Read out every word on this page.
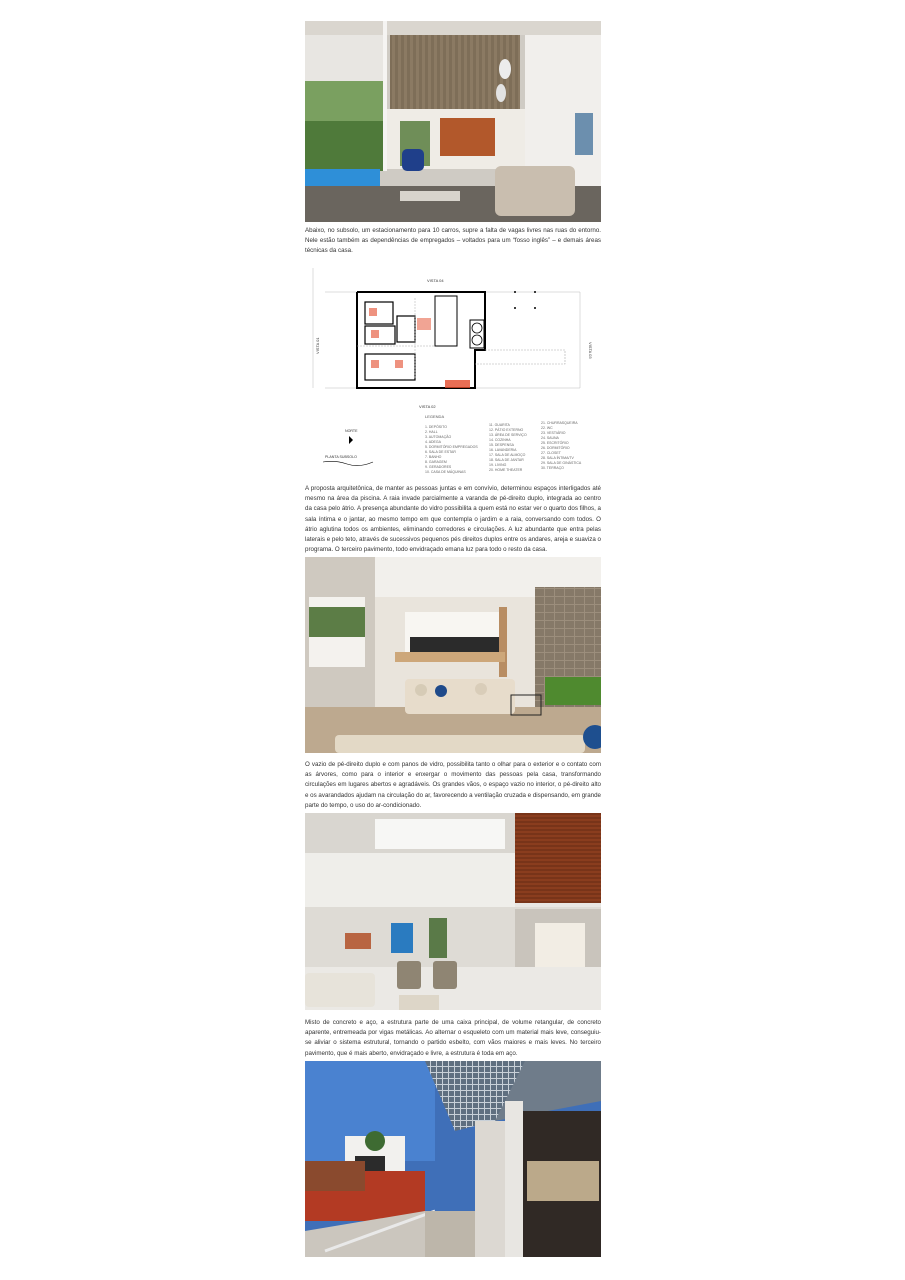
Abaixo, no subsolo, um estacionamento para 10 carros, supre a falta de vagas livres nas ruas do entorno. Nele estão também as dependências de empregados – voltados para um “fosso inglês” – e demais áreas técnicas da casa.

VISTA 04
VISTA 02
VISTA 01	VISTA 03
NORTE
PLANTA SUBSOLO
LEGENDA
1. DEPÓSITO
2. HALL
3. AUTOMAÇÃO
4. ADEGA
5. DORMITÓRIO EMPREGADOS
6. SALA DE ESTAR
7. BANHO
8. GARAGEM
9. GERADORES
10. CASA DE MÁQUINAS
11. GUARITA
12. PÁTIO EXTERNO
13. ÁREA DE SERVIÇO
14. COZINHA
15. DESPENSA
16. LAVANDERIA
17. SALA DE ALMOÇO
18. SALA DE JANTAR
19. LIVING
20. HOME THEATER
21. CHURRASQUEIRA
22. WC
23. VESTIÁRIO
24. SAUNA
25. ESCRITÓRIO
26. DORMITÓRIO
27. CLOSET
28. SALA ÍNTIMA/TV
29. SALA DE GINÁSTICA
30. TERRAÇO

A proposta arquitetônica, de manter as pessoas juntas e em convívio, determinou espaços interligados até mesmo na área da piscina. A raia invade parcialmente a varanda de pé-direito duplo, integrada ao centro da casa pelo átrio. A presença abundante do vidro possibilita a quem está no estar ver o quarto dos filhos, a sala íntima e o jantar, ao mesmo tempo em que contempla o jardim e a raia, conversando com todos. O átrio aglutina todos os ambientes, eliminando corredores e circulações. A luz abundante que entra pelas laterais e pelo teto, através de sucessivos pequenos pés direitos duplos entre os andares, areja e suaviza o programa. O terceiro pavimento, todo envidraçado emana luz para todo o resto da casa.

O vazio de pé-direito duplo e com panos de vidro, possibilita tanto o olhar para o exterior e o contato com as árvores, como para o interior e enxergar o movimento das pessoas pela casa, transformando circulações em lugares abertos e agradáveis. Os grandes vãos, o espaço vazio no interior, o pé-direito alto e os avarandados ajudam na circulação do ar, favorecendo a ventilação cruzada e dispensando, em grande parte do tempo, o uso do ar-condicionado.

Misto de concreto e aço, a estrutura parte de uma caixa principal, de volume retangular, de concreto aparente, entremeada por vigas metálicas. Ao alternar o esqueleto com um material mais leve, conseguiu-se aliviar o sistema estrutural, tornando o partido esbelto, com vãos maiores e mais leves. No terceiro pavimento, que é mais aberto, envidraçado e livre, a estrutura é toda em aço.
